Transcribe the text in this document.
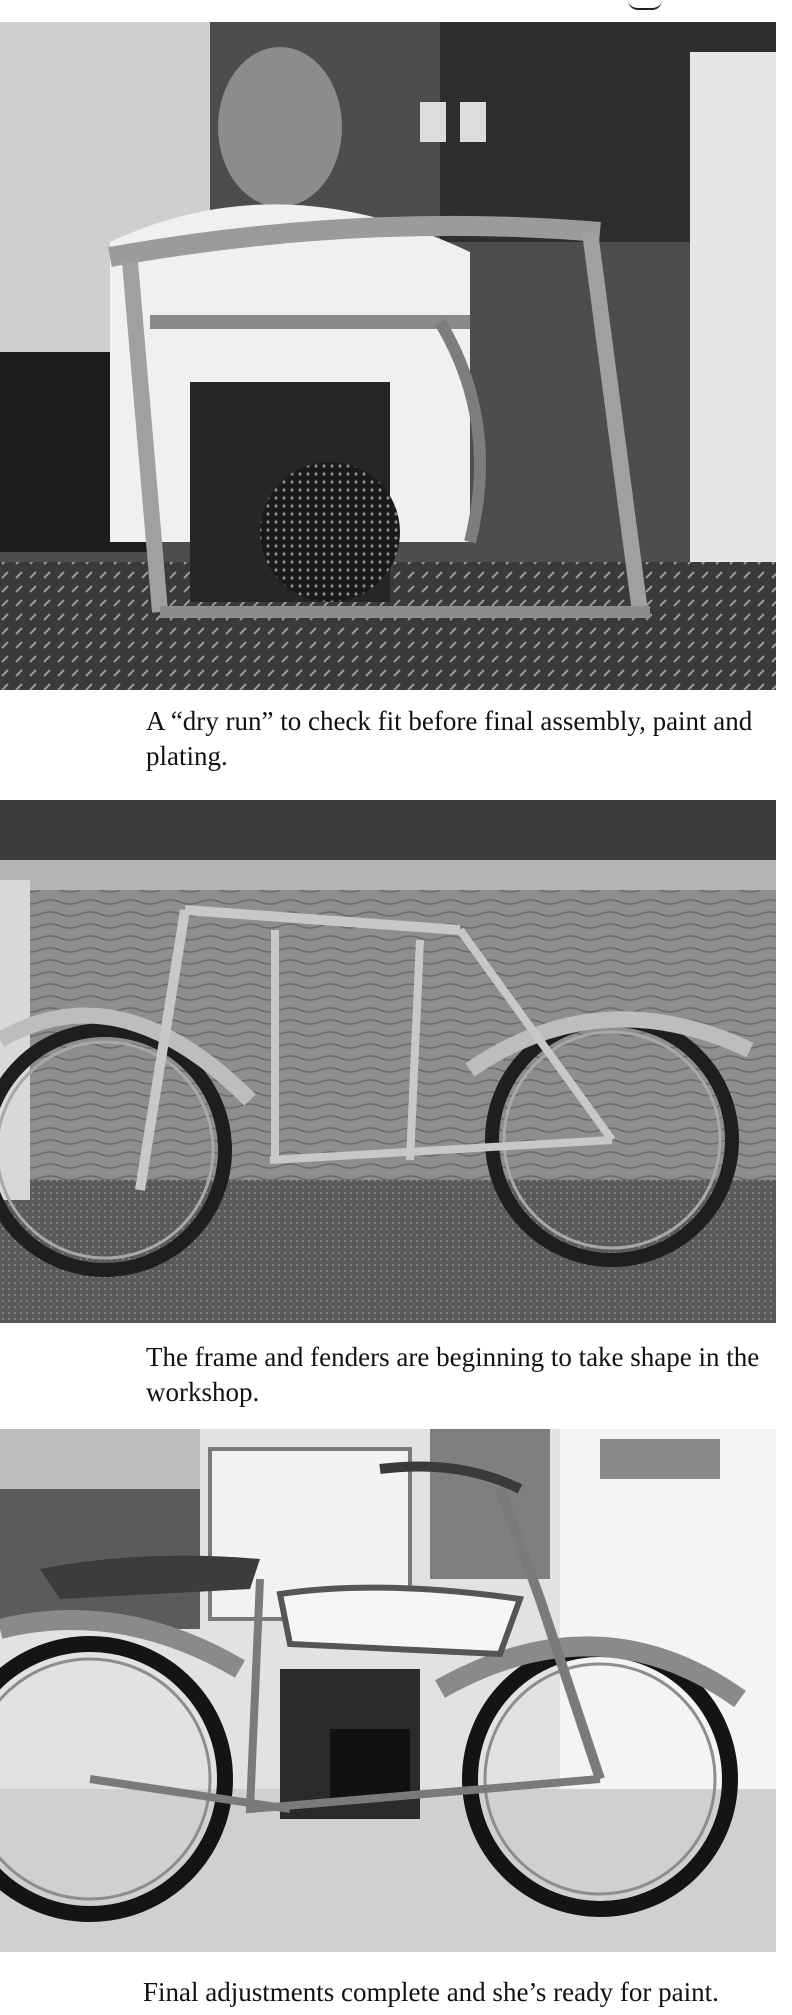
A “dry run” to check fit before final assembly, paint and plating.

The frame and fenders are beginning to take shape in the workshop.

Final adjustments complete and she’s ready for paint.
